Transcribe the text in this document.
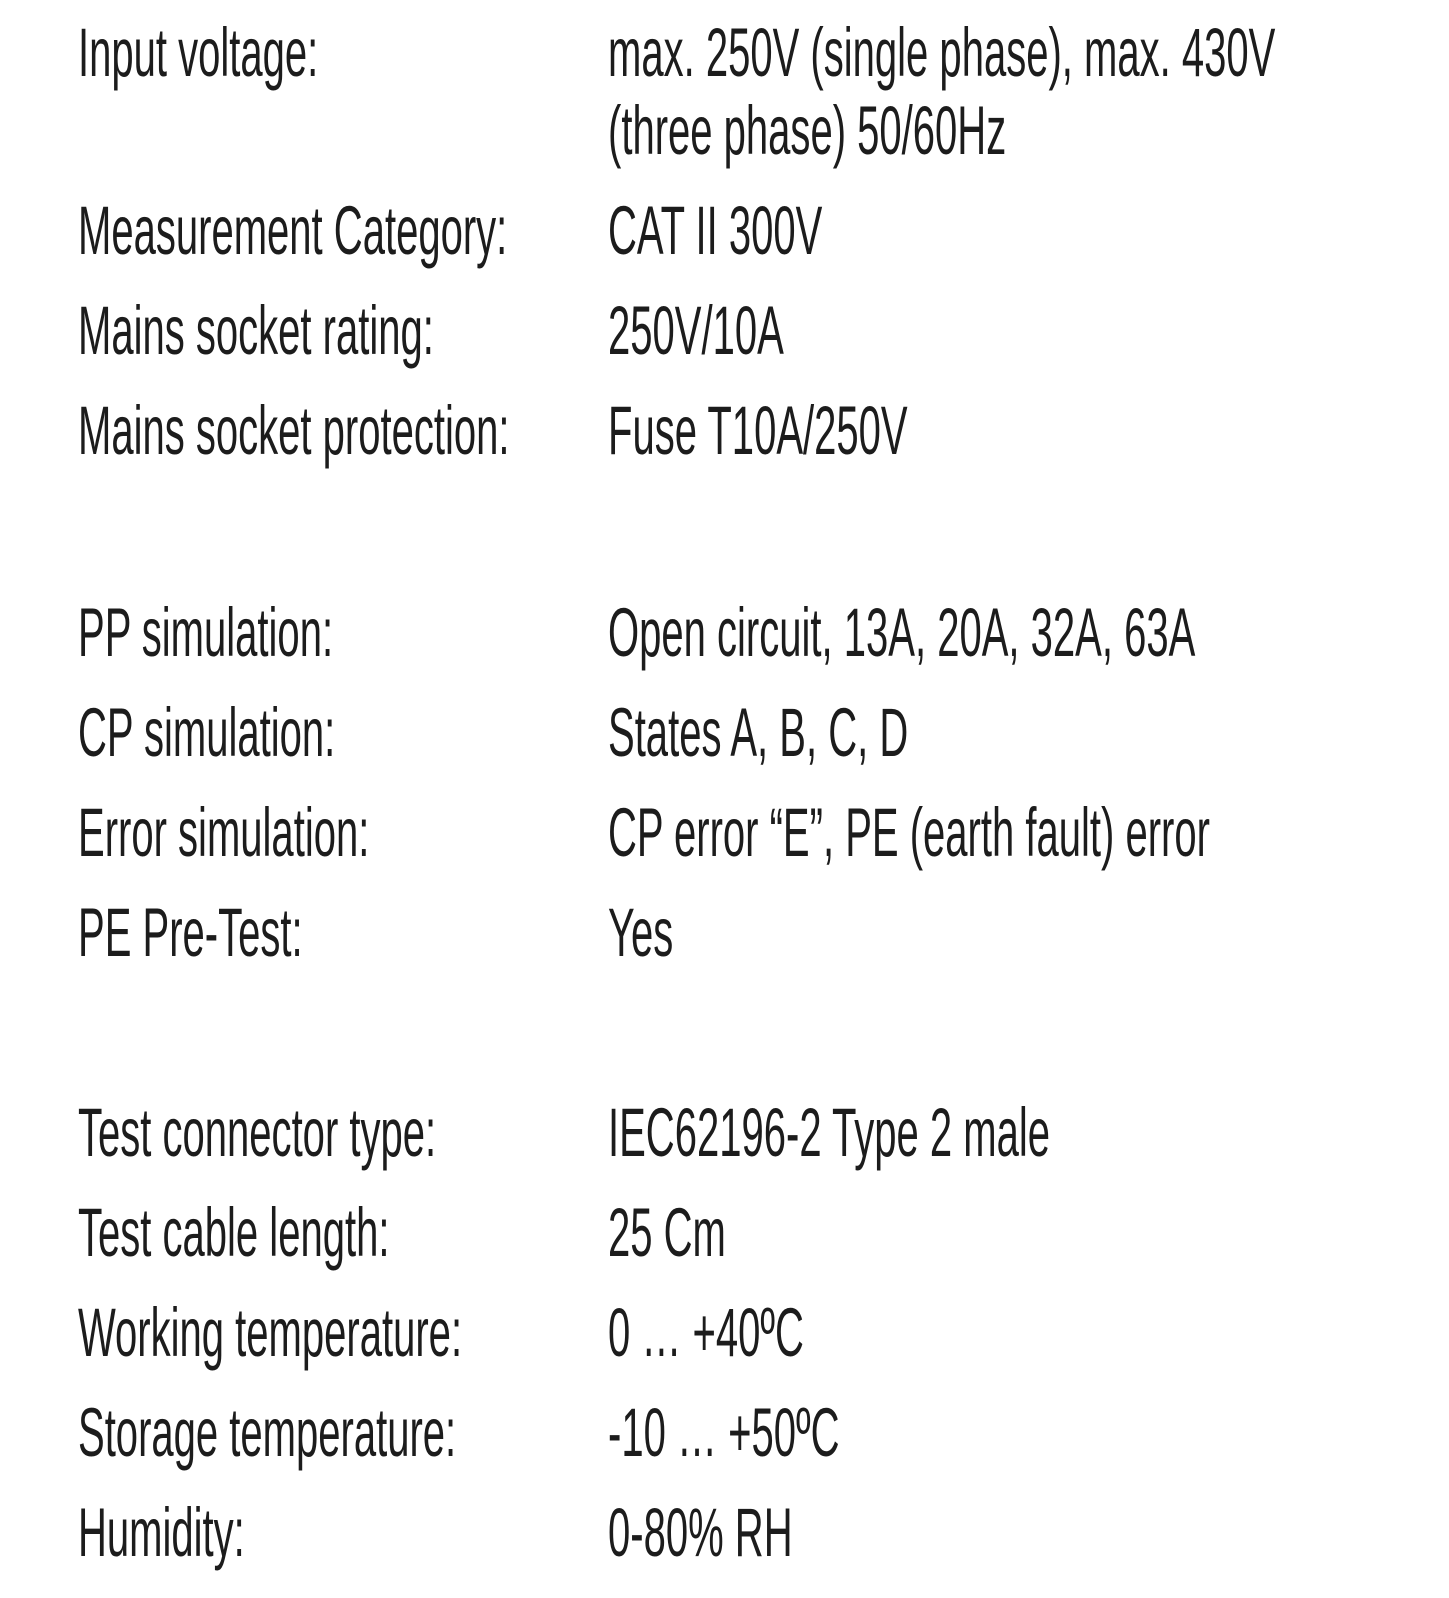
Input voltage:	max. 250V (single phase), max. 430V
(three phase) 50/60Hz
Measurement Category: CAT II 300V
Mains socket rating:	250V/10A
Mains socket protection: Fuse T10A/250V
PP simulation:	Open circuit, 13A, 20A, 32A, 63A
CP simulation:	States A, B, C, D
Error simulation:	CP error “E”, PE (earth fault) error
PE Pre-Test:	Yes
Test connector type: IEC62196-2 Type 2 male
Test cable length:	25 Cm
Working temperature: 0 … +40ºC
Storage temperature: -10 … +50ºC
Humidity:	0-80% RH
